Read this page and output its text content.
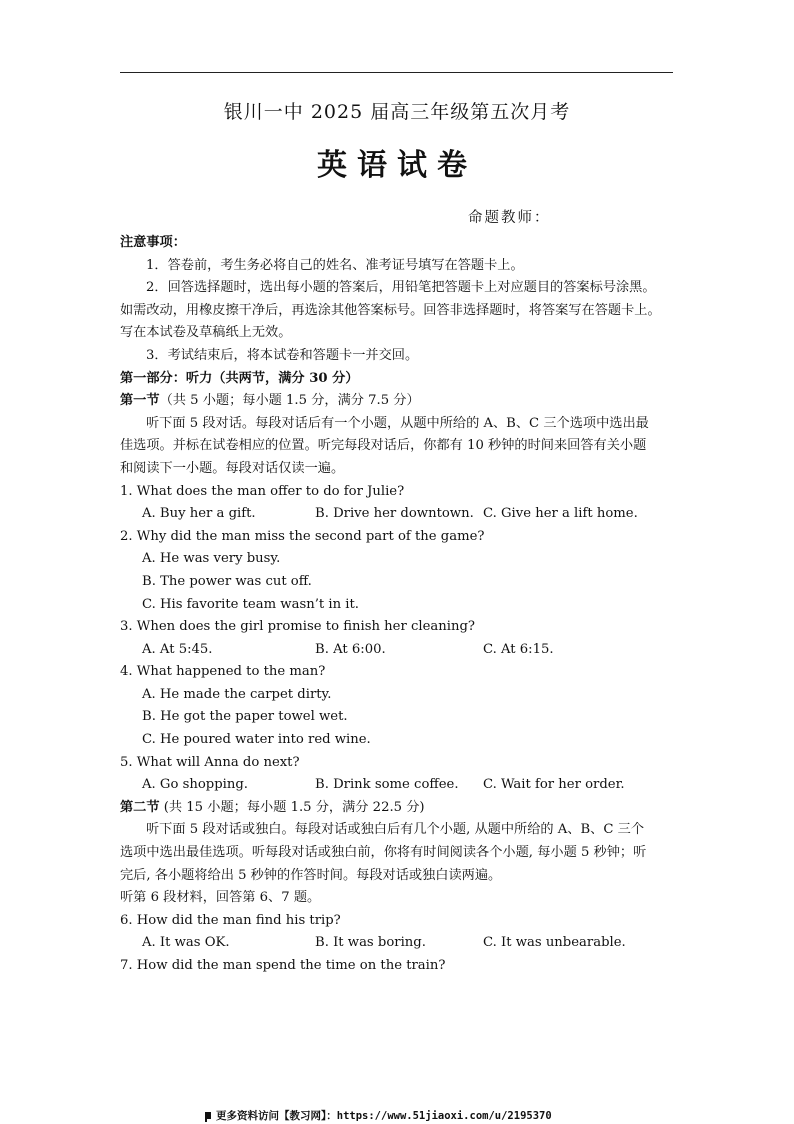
银川一中 2025 届高三年级第五次月考
英语试卷
命题教师：

注意事项：

1．答卷前，考生务必将自己的姓名、准考证号填写在答题卡上。

2．回答选择题时，选出每小题的答案后，用铅笔把答题卡上对应题目的答案标号涂黑。

如需改动，用橡皮擦干净后，再选涂其他答案标号。回答非选择题时，将答案写在答题卡上。

写在本试卷及草稿纸上无效。

3．考试结束后，将本试卷和答题卡一并交回。

第一部分：听力（共两节，满分 30 分）

第一节（共 5 小题；每小题 1.5 分，满分 7.5 分）

听下面 5 段对话。每段对话后有一个小题，从题中所给的 A、B、C 三个选项中选出最

佳选项。并标在试卷相应的位置。听完每段对话后，你都有 10 秒钟的时间来回答有关小题

和阅读下一小题。每段对话仅读一遍。

1. What does the man offer to do for Julie?

A. Buy her a gift.	B. Drive her downtown. C. Give her a lift home.

2. Why did the man miss the second part of the game?

A. He was very busy.

B. The power was cut off.

C. His favorite team wasn’t in it.

3. When does the girl promise to finish her cleaning?

A. At 5:45.	B. At 6:00.	C. At 6:15.

4. What happened to the man?

A. He made the carpet dirty.

B. He got the paper towel wet.

C. He poured water into red wine.

5. What will Anna do next?

A. Go shopping.	B. Drink some coffee. C. Wait for her order.

第二节 (共 15 小题；每小题 1.5 分，满分 22.5 分)

听下面 5 段对话或独白。每段对话或独白后有几个小题, 从题中所给的 A、B、C 三个

选项中选出最佳选项。听每段对话或独白前，你将有时间阅读各个小题, 每小题 5 秒钟；听

完后, 各小题将给出 5 秒钟的作答时间。每段对话或独白读两遍。

听第 6 段材料，回答第 6、7 题。

6. How did the man find his trip?

A. It was OK.	B. It was boring.	C. It was unbearable.

7. How did the man spend the time on the train?

更多资料访问【教习网】：https://www.51jiaoxi.com/u/2195370
